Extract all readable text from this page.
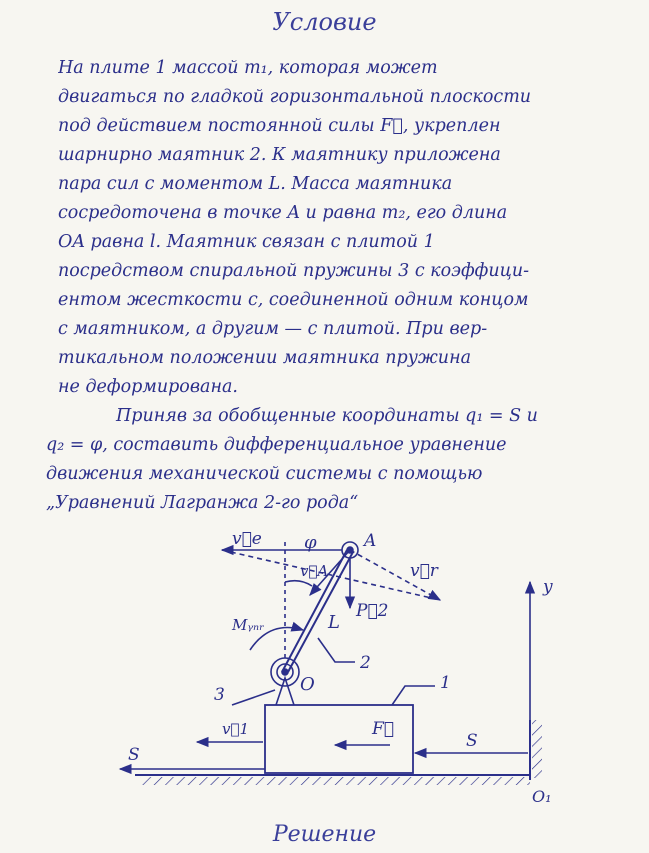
Условие
На плите 1 массой m₁, которая может
двигаться по гладкой горизонтальной плоскости
под действием постоянной силы F⃗, укреплен
шарнирно маятник 2. К маятнику приложена
пара сил с моментом L. Масса маятника
сосредоточена в точке A и равна m₂, его длина
OA равна l. Маятник связан с плитой 1
посредством спиральной пружины 3 с коэффици-
ентом жесткости c, соединенной одним концом
с маятником, а другим — с плитой. При вер-
тикальном положении маятника пружина
не деформирована.
Приняв за обобщенные координаты q₁ = S и
q₂ = φ, составить дифференциальное уравнение
движения механической системы с помощью
„Уравнений Лагранжа 2-го рода“
v⃗e φ	A
v⃗A	v⃗r
P⃗2
L
Mᵧₙᵣ
2
1
3	O
v⃗1	F⃗
S
S
y
O₁
Решение
